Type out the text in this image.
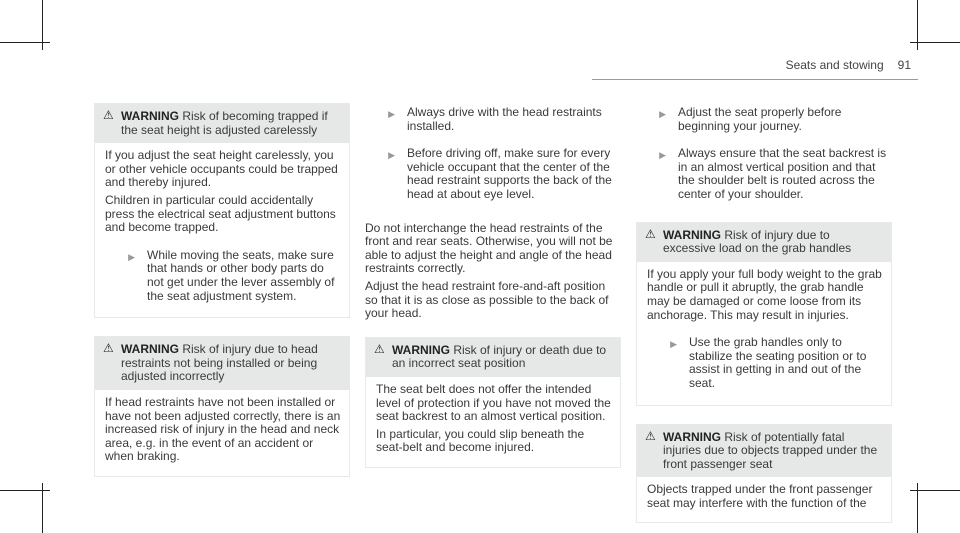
Seats and stowing 91
⚠ WARNING Risk of becoming trapped if the seat height is adjusted carelessly

If you adjust the seat height carelessly, you or other vehicle occupants could be trapped and thereby injured.

Children in particular could accidentally press the electrical seat adjustment buttons and become trapped.

▶	While moving the seats, make sure that hands or other body parts do not get under the lever assembly of the seat adjustment system.
⚠ WARNING Risk of injury due to head restraints not being installed or being adjusted incorrectly

If head restraints have not been installed or have not been adjusted correctly, there is an increased risk of injury in the head and neck area, e.g. in the event of an accident or when braking.

▶	Always drive with the head restraints installed.
▶	Before driving off, make sure for every vehicle occupant that the center of the head restraint supports the back of the head at about eye level.

Do not interchange the head restraints of the front and rear seats. Otherwise, you will not be able to adjust the height and angle of the head restraints correctly.

Adjust the head restraint fore-and-aft position so that it is as close as possible to the back of your head.

⚠ WARNING Risk of injury or death due to an incorrect seat position

The seat belt does not offer the intended level of protection if you have not moved the seat backrest to an almost vertical position.

In particular, you could slip beneath the seat-belt and become injured.

▶	Adjust the seat properly before beginning your journey.
▶	Always ensure that the seat backrest is in an almost vertical position and that the shoulder belt is routed across the center of your shoulder.
⚠ WARNING Risk of injury due to excessive load on the grab handles

If you apply your full body weight to the grab handle or pull it abruptly, the grab handle may be damaged or come loose from its anchorage. This may result in injuries.

▶	Use the grab handles only to stabilize the seating position or to assist in getting in and out of the seat.
⚠ WARNING Risk of potentially fatal injuries due to objects trapped under the front passenger seat

Objects trapped under the front passenger seat may interfere with the function of the
